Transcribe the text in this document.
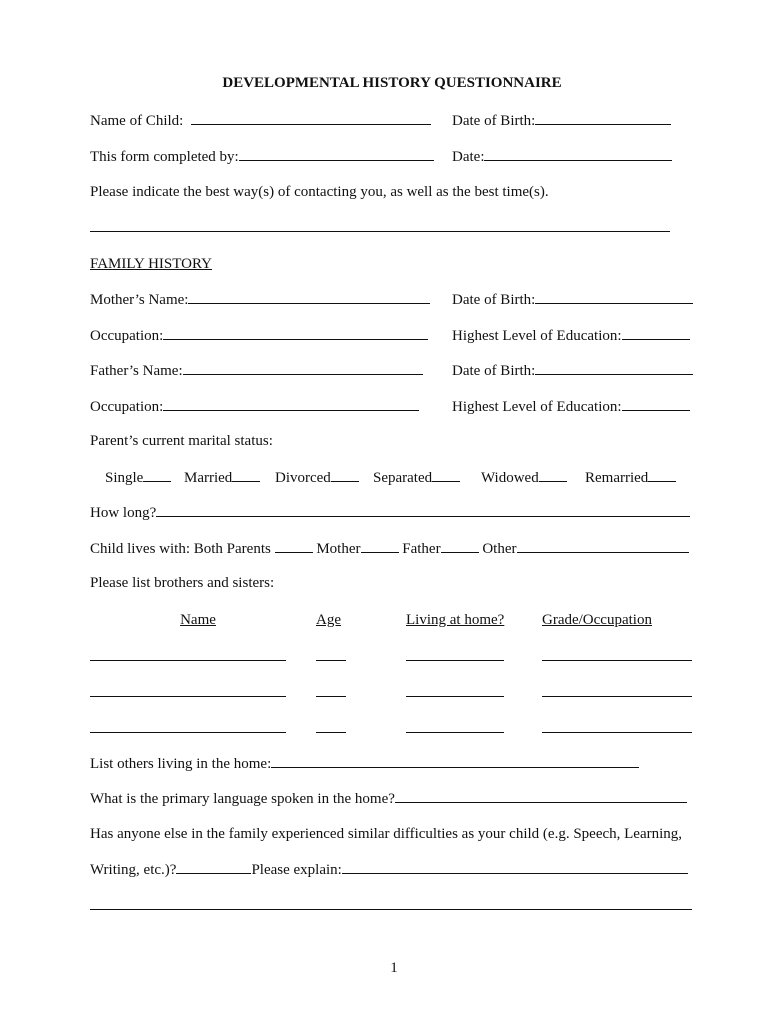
DEVELOPMENTAL HISTORY QUESTIONNAIRE
Name of Child:	Date of Birth:
This form completed by:	Date:
Please indicate the best way(s) of contacting you, as well as the best time(s).
FAMILY HISTORY
Mother’s Name:	Date of Birth:
Occupation:	Highest Level of Education:
Father’s Name:	Date of Birth:
Occupation:	Highest Level of Education:
Parent’s current marital status:
Single	Married	Divorced	Separated	Widowed	Remarried
How long?
Child lives with: Both Parents	Mother	Father	Other
Please list brothers and sisters:
Name	Age	Living at home?	Grade/Occupation
List others living in the home:
What is the primary language spoken in the home?
Has anyone else in the family experienced similar difficulties as your child (e.g. Speech, Learning,
Writing, etc.)?	Please explain:
1
